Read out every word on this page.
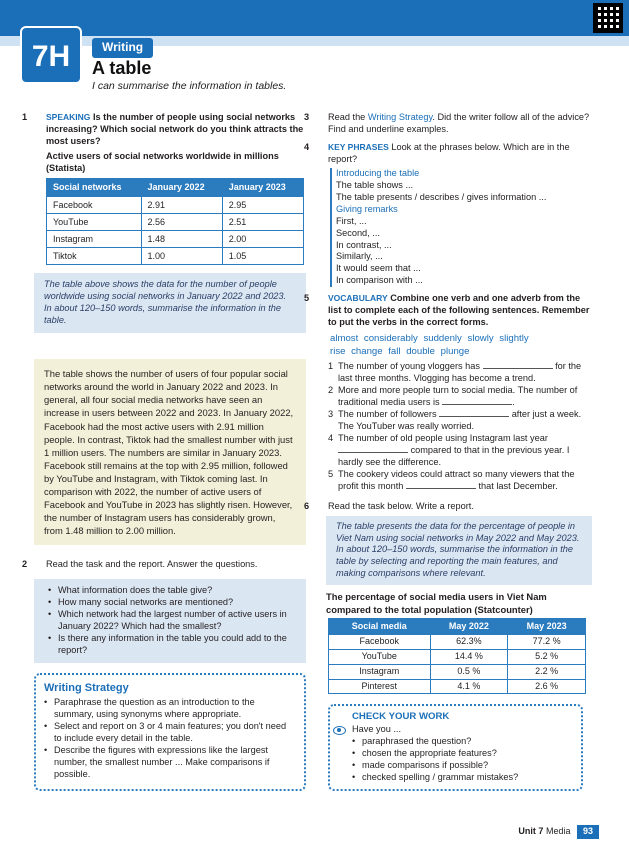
7H	Writing
A table
I can summarise the information in tables.
1 SPEAKING Is the number of people using social networks increasing? Which social network do you think attracts the most users?
Active users of social networks worldwide in millions (Statista)
Social networks	January 2022	January 2023
Facebook	2.91	2.95
YouTube	2.56	2.51
Instagram	1.48	2.00
Tiktok	1.00	1.05
The table above shows the data for the number of people worldwide using social networks in January 2022 and 2023. In about 120–150 words, summarise the information in the table.
The table shows the number of users of four popular social networks around the world in January 2022 and 2023. In general, all four social media networks have seen an increase in users between 2022 and 2023. In January 2022, Facebook had the most active users with 2.91 million people. In contrast, Tiktok had the smallest number with just 1 million users. The numbers are similar in January 2023. Facebook still remains at the top with 2.95 million, followed by YouTube and Instagram, with Tiktok coming last. In comparison with 2022, the number of active users of Facebook and YouTube in 2023 has slightly risen. However, the number of Instagram users has considerably grown, from 1.48 million to 2.00 million.
2 Read the task and the report. Answer the questions.
• What information does the table give?
• How many social networks are mentioned?
• Which network had the largest number of active users in January 2022? Which had the smallest?
• Is there any information in the table you could add to the report?
Writing Strategy
• Paraphrase the question as an introduction to the summary, using synonyms where appropriate.
• Select and report on 3 or 4 main features; you don't need to include every detail in the table.
• Describe the figures with expressions like the largest number, the smallest number ... Make comparisons if possible.
3 Read the Writing Strategy. Did the writer follow all of the advice? Find and underline examples.
4 KEY PHRASES Look at the phrases below. Which are in the report?
Introducing the table
The table shows ...
The table presents / describes / gives information ...
Giving remarks
First, ...
Second, ...
In contrast, ...
Similarly, ...
It would seem that ...
In comparison with ...
5 VOCABULARY Combine one verb and one adverb from the list to complete each of the following sentences. Remember to put the verbs in the correct forms.
almost considerably suddenly slowly slightly
rise change fall double plunge
1 The number of young vloggers has	for the last three months. Vlogging has become a trend.
2 More and more people turn to social media. The number of traditional media users is	.
3 The number of followers	after just a week. The YouTuber was really worried.
4 The number of old people using Instagram last year  compared to that in the previous year. I hardly see the difference.
5 The cookery videos could attract so many viewers that the profit this month	that last December.
6 Read the task below. Write a report.
The table presents the data for the percentage of people in Viet Nam using social networks in May 2022 and May 2023. In about 120–150 words, summarise the information in the table by selecting and reporting the main features, and making comparisons where relevant.
The percentage of social media users in Viet Nam compared to the total population (Statcounter)
Social media	May 2022	May 2023
Facebook	62.3%	77.2 %
YouTube	14.4 %	5.2 %
Instagram	0.5 %	2.2 %
Pinterest	4.1 %	2.6 %
CHECK YOUR WORK
Have you ...
• paraphrased the question?
• chosen the appropriate features?
• made comparisons if possible?
• checked spelling / grammar mistakes?
Unit 7 Media 93
